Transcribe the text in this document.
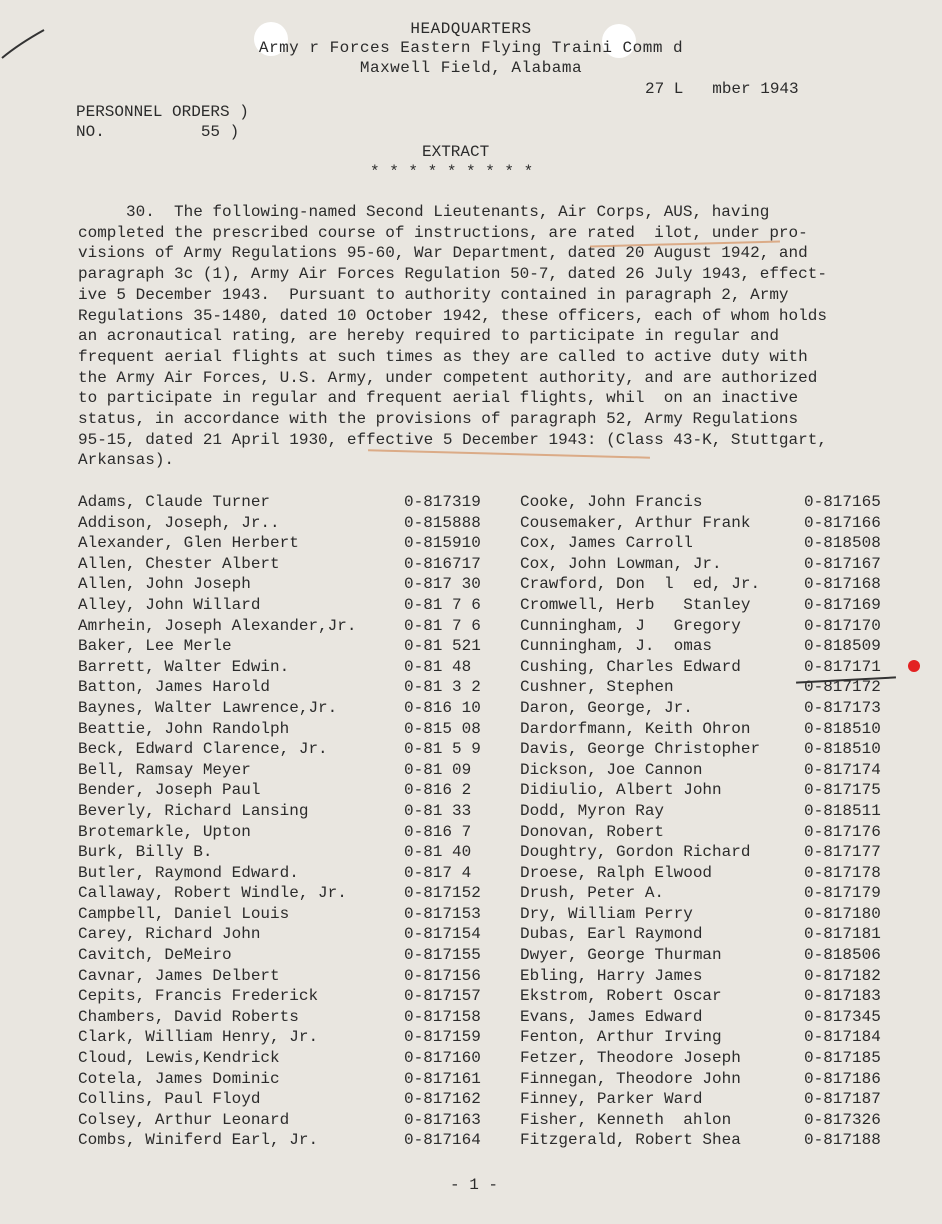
HEADQUARTERS
Army r Forces Eastern Flying Traini Comm d
Maxwell Field, Alabama
27 L   mber 1943
PERSONNEL ORDERS )
NO.          55 )
EXTRACT
* * * * * * * * *
30.  The following-named Second Lieutenants, Air Corps, AUS, having
completed the prescribed course of instructions, are rated  ilot, under pro-
visions of Army Regulations 95-60, War Department, dated 20 August 1942, and
paragraph 3c (1), Army Air Forces Regulation 50-7, dated 26 July 1943, effect-
ive 5 December 1943.  Pursuant to authority contained in paragraph 2, Army
Regulations 35-1480, dated 10 October 1942, these officers, each of whom holds
an acronautical rating, are hereby required to participate in regular and
frequent aerial flights at such times as they are called to active duty with
the Army Air Forces, U.S. Army, under competent authority, and are authorized
to participate in regular and frequent aerial flights, whil  on an inactive
status, in accordance with the provisions of paragraph 52, Army Regulations
95-15, dated 21 April 1930, effective 5 December 1943: (Class 43-K, Stuttgart,
Arkansas).
Adams, Claude Turner	0-817319
Addison, Joseph, Jr..	0-815888
Alexander, Glen Herbert	0-815910
Allen, Chester Albert	0-816717
Allen, John Joseph	0-817 30
Alley, John Willard	0-81 7 6
Amrhein, Joseph Alexander,Jr.	0-81 7 6
Baker, Lee Merle	0-81 521
Barrett, Walter Edwin.	0-81 48
Batton, James Harold	0-81 3 2
Baynes, Walter Lawrence,Jr.	0-816 10
Beattie, John Randolph	0-815 08
Beck, Edward Clarence, Jr.	0-81 5 9
Bell, Ramsay Meyer	0-81 09
Bender, Joseph Paul	0-816 2
Beverly, Richard Lansing	0-81 33
Brotemarkle, Upton	0-816 7
Burk, Billy B.	0-81 40
Butler, Raymond Edward.	0-817 4
Callaway, Robert Windle, Jr.	0-817152
Campbell, Daniel Louis	0-817153
Carey, Richard John	0-817154
Cavitch, DeMeiro	0-817155
Cavnar, James Delbert	0-817156
Cepits, Francis Frederick	0-817157
Chambers, David Roberts	0-817158
Clark, William Henry, Jr.	0-817159
Cloud, Lewis,Kendrick	0-817160
Cotela, James Dominic	0-817161
Collins, Paul Floyd	0-817162
Colsey, Arthur Leonard	0-817163
Combs, Winiferd Earl, Jr.	0-817164
Cooke, John Francis	0-817165
Cousemaker, Arthur Frank	0-817166
Cox, James Carroll	0-818508
Cox, John Lowman, Jr.	0-817167
Crawford, Don  l  ed, Jr.	0-817168
Cromwell, Herb   Stanley	0-817169
Cunningham, J   Gregory	0-817170
Cunningham, J.  omas	0-818509
Cushing, Charles Edward	0-817171
Cushner, Stephen	0-817172
Daron, George, Jr.	0-817173
Dardorfmann, Keith Ohron	0-818510
Davis, George Christopher	0-818510
Dickson, Joe Cannon	0-817174
Didiulio, Albert John	0-817175
Dodd, Myron Ray	0-818511
Donovan, Robert	0-817176
Doughtry, Gordon Richard	0-817177
Droese, Ralph Elwood	0-817178
Drush, Peter A.	0-817179
Dry, William Perry	0-817180
Dubas, Earl Raymond	0-817181
Dwyer, George Thurman	0-818506
Ebling, Harry James	0-817182
Ekstrom, Robert Oscar	0-817183
Evans, James Edward	0-817345
Fenton, Arthur Irving	0-817184
Fetzer, Theodore Joseph	0-817185
Finnegan, Theodore John	0-817186
Finney, Parker Ward	0-817187
Fisher, Kenneth  ahlon	0-817326
Fitzgerald, Robert Shea	0-817188
- 1 -
